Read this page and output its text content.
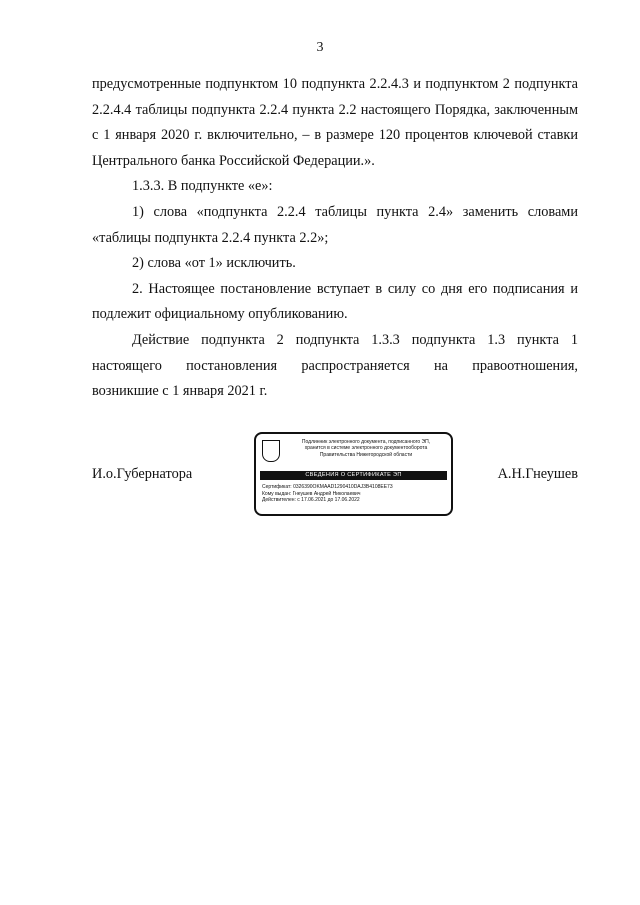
3

предусмотренные подпунктом 10 подпункта 2.2.4.3 и подпунктом 2 подпункта 2.2.4.4 таблицы подпункта 2.2.4 пункта 2.2 настоящего Порядка, заключенным с 1 января 2020 г. включительно, – в размере 120 процентов ключевой ставки Центрального банка Российской Федерации.».

1.3.3. В подпункте «е»:

1) слова «подпункта 2.2.4 таблицы пункта 2.4» заменить словами «таблицы подпункта 2.2.4 пункта 2.2»;

2) слова «от 1» исключить.

2. Настоящее постановление вступает в силу со дня его подписания и подлежит официальному опубликованию.

Действие подпункта 2 подпункта 1.3.3 подпункта 1.3 пункта 1 настоящего постановления распространяется на правоотношения,

возникшие с 1 января 2021 г.

И.о.Губернатора
Подлинник электронного документа, подписанного ЭП,
хранится в системе электронного документооборота
Правительства Нижегородской области
СВЕДЕНИЯ О СЕРТИФИКАТЕ ЭП
Сертификат: 0326390OKMAAD1290410DAJ3B4108EE73
Кому выдан: Гнеушев Андрей Николаевич
Действителен: с 17.06.2021 до 17.06.2022
А.Н.Гнеушев
